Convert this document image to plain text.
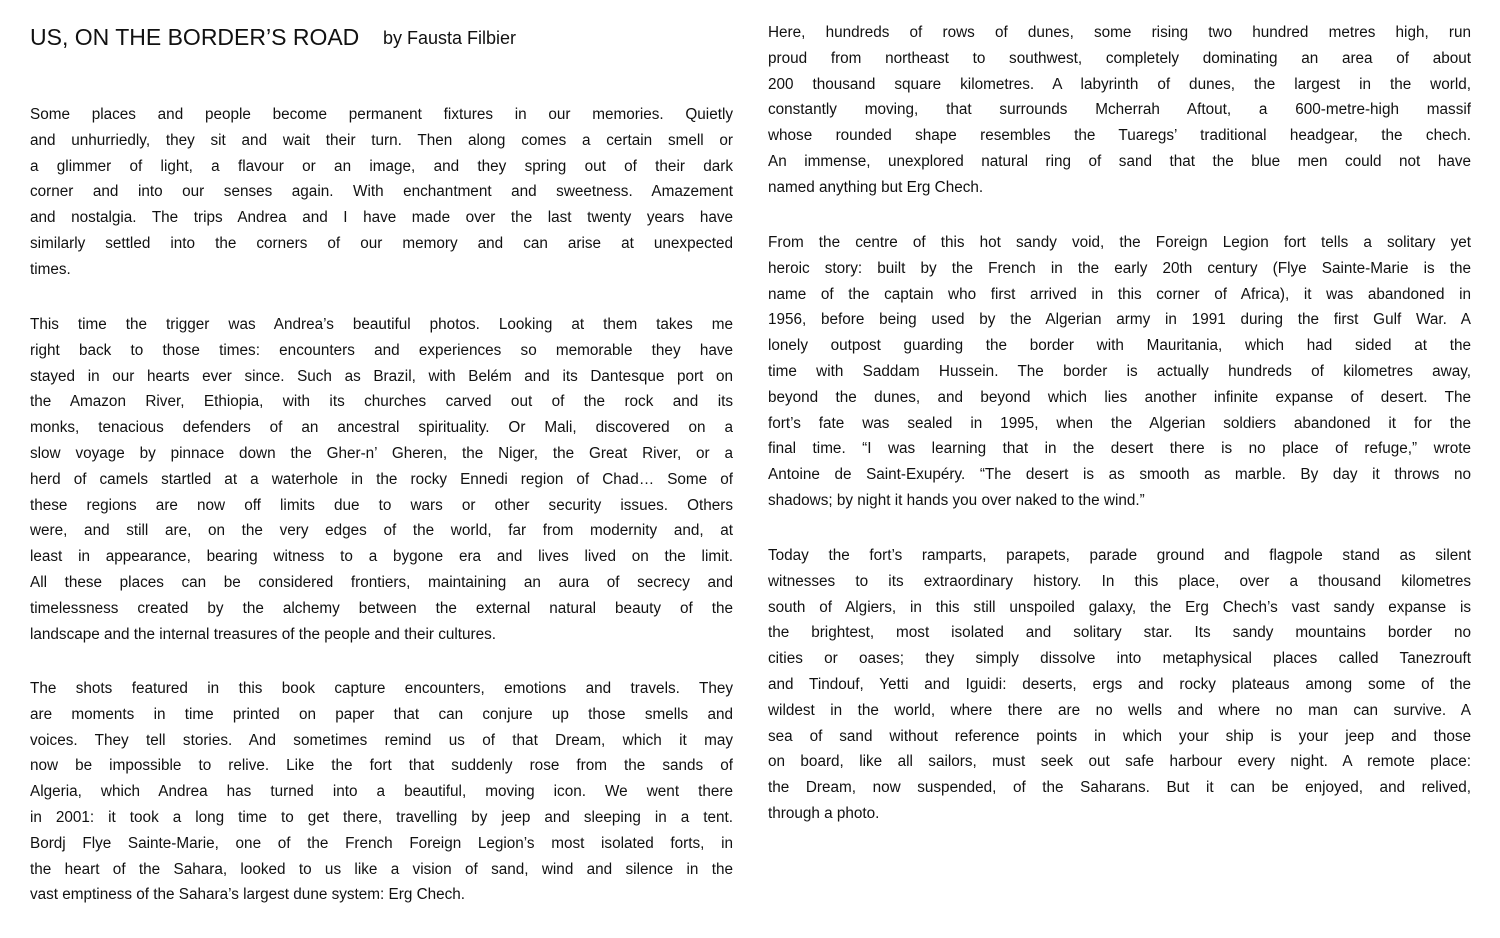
US, ON THE BORDER’S ROAD by Fausta Filbier
Some places and people become permanent fixtures in our memories. Quietly
and unhurriedly, they sit and wait their turn. Then along comes a certain smell or
a glimmer of light, a flavour or an image, and they spring out of their dark
corner and into our senses again. With enchantment and sweetness. Amazement
and nostalgia. The trips Andrea and I have made over the last twenty years have
similarly settled into the corners of our memory and can arise at unexpected
times.
This time the trigger was Andrea’s beautiful photos. Looking at them takes me
right back to those times: encounters and experiences so memorable they have
stayed in our hearts ever since. Such as Brazil, with Belém and its Dantesque port on
the Amazon River, Ethiopia, with its churches carved out of the rock and its
monks, tenacious defenders of an ancestral spirituality. Or Mali, discovered on a
slow voyage by pinnace down the Gher-n’ Gheren, the Niger, the Great River, or a
herd of camels startled at a waterhole in the rocky Ennedi region of Chad… Some of
these regions are now off limits due to wars or other security issues. Others
were, and still are, on the very edges of the world, far from modernity and, at
least in appearance, bearing witness to a bygone era and lives lived on the limit.
All these places can be considered frontiers, maintaining an aura of secrecy and
timelessness created by the alchemy between the external natural beauty of the
landscape and the internal treasures of the people and their cultures.
The shots featured in this book capture encounters, emotions and travels. They
are moments in time printed on paper that can conjure up those smells and
voices. They tell stories. And sometimes remind us of that Dream, which it may
now be impossible to relive. Like the fort that suddenly rose from the sands of
Algeria, which Andrea has turned into a beautiful, moving icon. We went there
in 2001: it took a long time to get there, travelling by jeep and sleeping in a tent.
Bordj Flye Sainte-Marie, one of the French Foreign Legion’s most isolated forts, in
the heart of the Sahara, looked to us like a vision of sand, wind and silence in the
vast emptiness of the Sahara’s largest dune system: Erg Chech.
Here, hundreds of rows of dunes, some rising two hundred metres high, run
proud from northeast to southwest, completely dominating an area of about
200 thousand square kilometres. A labyrinth of dunes, the largest in the world,
constantly moving, that surrounds Mcherrah Aftout, a 600-metre-high massif
whose rounded shape resembles the Tuaregs’ traditional headgear, the chech.
An immense, unexplored natural ring of sand that the blue men could not have
named anything but Erg Chech.
From the centre of this hot sandy void, the Foreign Legion fort tells a solitary yet
heroic story: built by the French in the early 20th century (Flye Sainte-Marie is the
name of the captain who first arrived in this corner of Africa), it was abandoned in
1956, before being used by the Algerian army in 1991 during the first Gulf War. A
lonely outpost guarding the border with Mauritania, which had sided at the
time with Saddam Hussein. The border is actually hundreds of kilometres away,
beyond the dunes, and beyond which lies another infinite expanse of desert. The
fort’s fate was sealed in 1995, when the Algerian soldiers abandoned it for the
final time. “I was learning that in the desert there is no place of refuge,” wrote
Antoine de Saint-Exupéry. “The desert is as smooth as marble. By day it throws no
shadows; by night it hands you over naked to the wind.”
Today the fort’s ramparts, parapets, parade ground and flagpole stand as silent
witnesses to its extraordinary history. In this place, over a thousand kilometres
south of Algiers, in this still unspoiled galaxy, the Erg Chech’s vast sandy expanse is
the brightest, most isolated and solitary star. Its sandy mountains border no
cities or oases; they simply dissolve into metaphysical places called Tanezrouft
and Tindouf, Yetti and Iguidi: deserts, ergs and rocky plateaus among some of the
wildest in the world, where there are no wells and where no man can survive. A
sea of sand without reference points in which your ship is your jeep and those
on board, like all sailors, must seek out safe harbour every night. A remote place:
the Dream, now suspended, of the Saharans. But it can be enjoyed, and relived,
through a photo.
